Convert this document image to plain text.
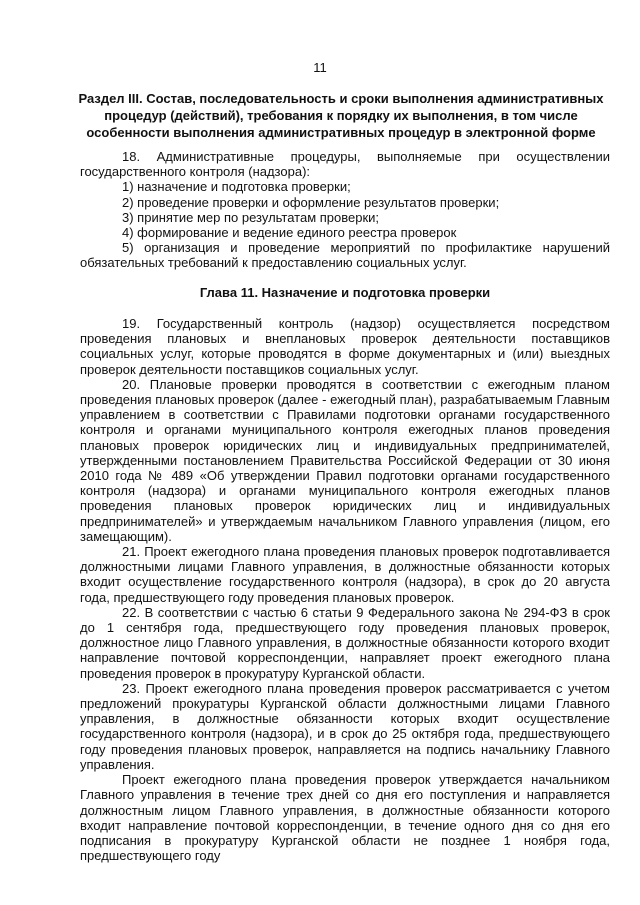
11
Раздел III. Состав, последовательность и сроки выполнения административных
процедур (действий), требования к порядку их выполнения, в том числе
особенности выполнения административных процедур в электронной форме

18. Административные процедуры, выполняемые при осуществлении государственного контроля (надзора):

1) назначение и подготовка проверки;

2) проведение проверки и оформление результатов проверки;

3) принятие мер по результатам проверки;

4) формирование и ведение единого реестра проверок

5) организация и проведение мероприятий по профилактике нарушений обязательных требований к предоставлению социальных услуг.

Глава 11. Назначение и подготовка проверки

19. Государственный контроль (надзор) осуществляется посредством проведения плановых и внеплановых проверок деятельности поставщиков социальных услуг, которые проводятся в форме документарных и (или) выездных проверок деятельности поставщиков социальных услуг.

20. Плановые проверки проводятся в соответствии с ежегодным планом проведения плановых проверок (далее - ежегодный план), разрабатываемым Главным управлением в соответствии с Правилами подготовки органами государственного контроля и органами муниципального контроля ежегодных планов проведения плановых проверок юридических лиц и индивидуальных предпринимателей, утвержденными постановлением Правительства Российской Федерации от 30 июня 2010 года № 489 «Об утверждении Правил подготовки органами государственного контроля (надзора) и органами муниципального контроля ежегодных планов проведения плановых проверок юридических лиц и индивидуальных предпринимателей» и утверждаемым начальником Главного управления (лицом, его замещающим).

21. Проект ежегодного плана проведения плановых проверок подготавливается должностными лицами Главного управления, в должностные обязанности которых входит осуществление государственного контроля (надзора), в срок до 20 августа года, предшествующего году проведения плановых проверок.

22. В соответствии с частью 6 статьи 9 Федерального закона № 294-ФЗ в срок до 1 сентября года, предшествующего году проведения плановых проверок, должностное лицо Главного управления, в должностные обязанности которого входит направление почтовой корреспонденции, направляет проект ежегодного плана проведения проверок в прокуратуру Курганской области.

23. Проект ежегодного плана проведения проверок рассматривается с учетом предложений прокуратуры Курганской области должностными лицами Главного управления, в должностные обязанности которых входит осуществление государственного контроля (надзора), и в срок до 25 октября года, предшествующего году проведения плановых проверок, направляется на подпись начальнику Главного управления.

Проект ежегодного плана проведения проверок утверждается начальником Главного управления в течение трех дней со дня его поступления и направляется должностным лицом Главного управления, в должностные обязанности которого входит направление почтовой корреспонденции, в течение одного дня со дня его подписания в прокуратуру Курганской области не позднее 1 ноября года, предшествующего году
